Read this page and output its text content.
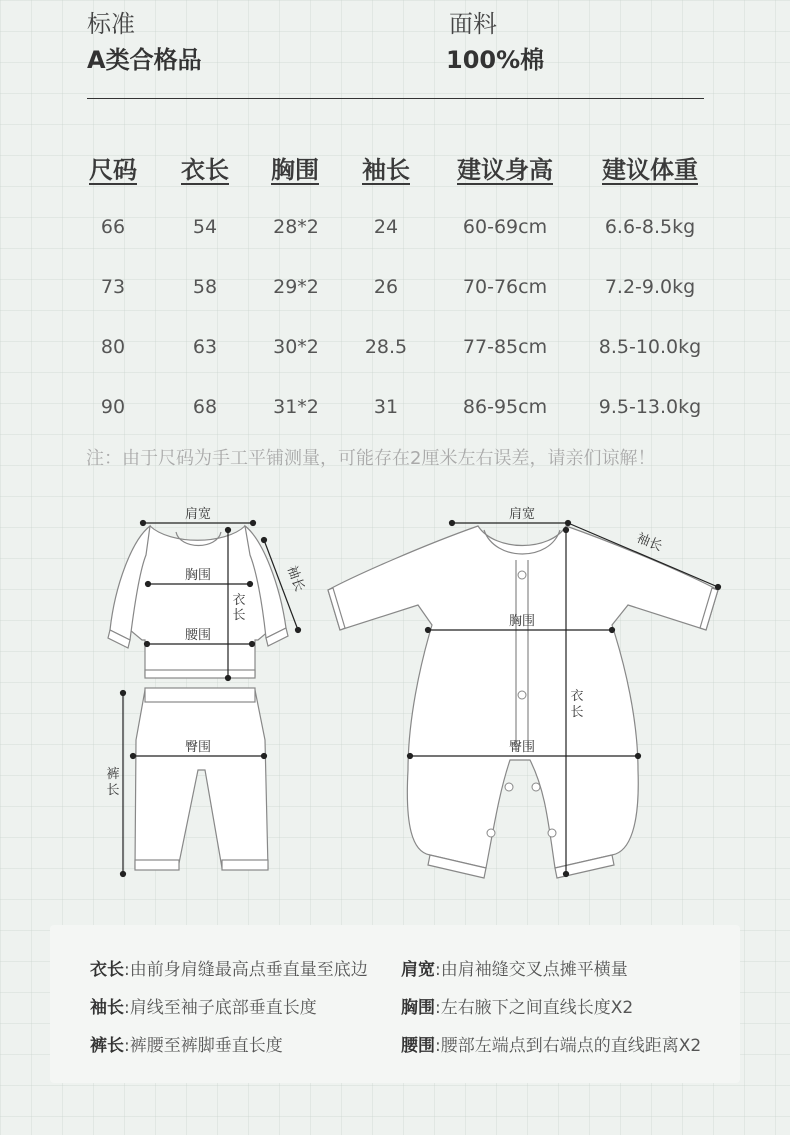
标准
A类合格品
面料
100%棉
尺码 衣长 胸围 袖长 建议身高 建议体重
66	54	28*2	24	60-69cm	6.6-8.5kg
73	58	29*2	26	70-76cm	7.2-9.0kg
80	63	30*2 28.5	77-85cm	8.5-10.0kg
90	68	31*2	31	86-95cm	9.5-13.0kg
注：由于尺码为手工平铺测量，可能存在2厘米左右误差，请亲们谅解！
肩宽
胸围
腰围
衣
长
袖长
臀围
裤
长
肩宽
袖长
胸围
臀围
衣
长
衣长:由前身肩缝最高点垂直量至底边 肩宽:由肩袖缝交叉点摊平横量
袖长:肩线至袖子底部垂直长度	胸围:左右腋下之间直线长度X2
裤长:裤腰至裤脚垂直长度	腰围:腰部左端点到右端点的直线距离X2
